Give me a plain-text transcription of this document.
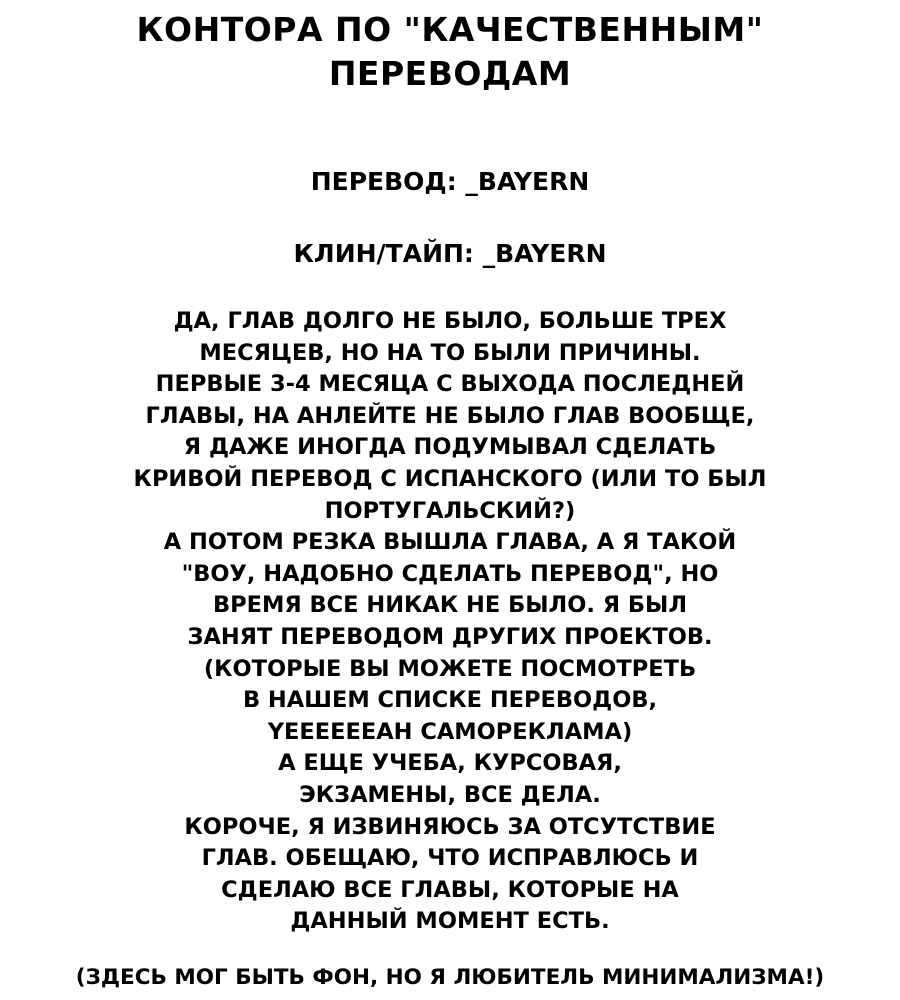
КОНТОРА ПО "КАЧЕСТВЕННЫМ"
ПЕРЕВОДАМ
ПЕРЕВОД: _BAYERN
КЛИН/ТАЙП: _BAYERN
ДА, ГЛАВ ДОЛГО НЕ БЫЛО, БОЛЬШЕ ТРЕХ
МЕСЯЦЕВ, НО НА ТО БЫЛИ ПРИЧИНЫ.
ПЕРВЫЕ 3-4 МЕСЯЦА С ВЫХОДА ПОСЛЕДНЕЙ
ГЛАВЫ, НА АНЛЕЙТЕ НЕ БЫЛО ГЛАВ ВООБЩЕ,
Я ДАЖЕ ИНОГДА ПОДУМЫВАЛ СДЕЛАТЬ
КРИВОЙ ПЕРЕВОД С ИСПАНСКОГО (ИЛИ ТО БЫЛ
ПОРТУГАЛЬСКИЙ?)
А ПОТОМ РЕЗКА ВЫШЛА ГЛАВА, А Я ТАКОЙ
"ВОУ, НАДОБНО СДЕЛАТЬ ПЕРЕВОД", НО
ВРЕМЯ ВСЕ НИКАК НЕ БЫЛО. Я БЫЛ
ЗАНЯТ ПЕРЕВОДОМ ДРУГИХ ПРОЕКТОВ.
(КОТОРЫЕ ВЫ МОЖЕТЕ ПОСМОТРЕТЬ
В НАШЕМ СПИСКЕ ПЕРЕВОДОВ,
YEEEEEEAH САМОРЕКЛАМА)
А ЕЩЕ УЧЕБА, КУРСОВАЯ,
ЭКЗАМЕНЫ, ВСЕ ДЕЛА.
КОРОЧЕ, Я ИЗВИНЯЮСЬ ЗА ОТСУТСТВИЕ
ГЛАВ. ОБЕЩАЮ, ЧТО ИСПРАВЛЮСЬ И
СДЕЛАЮ ВСЕ ГЛАВЫ, КОТОРЫЕ НА
ДАННЫЙ МОМЕНТ ЕСТЬ.
(ЗДЕСЬ МОГ БЫТЬ ФОН, НО Я ЛЮБИТЕЛЬ МИНИМАЛИЗМА!)
